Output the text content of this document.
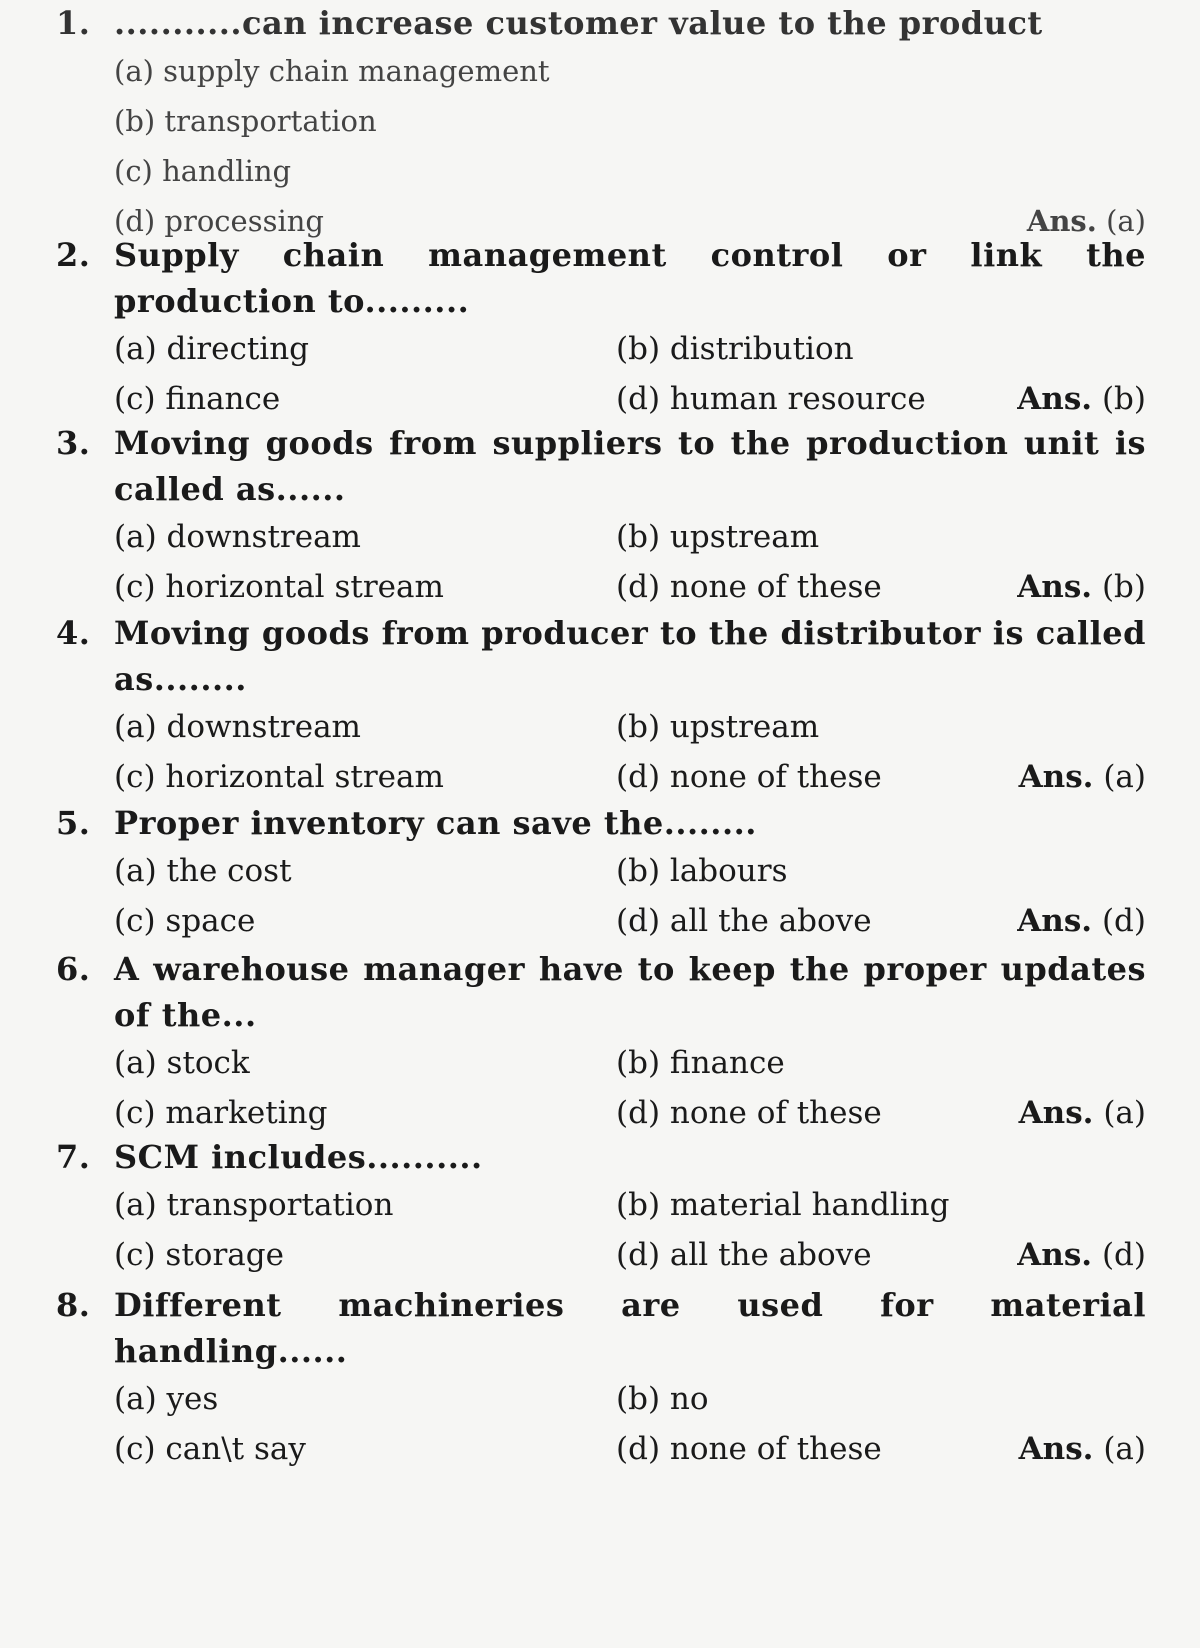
1. ...........can increase customer value to the product
(a) supply chain management
(b) transportation
(c) handling
(d) processing	Ans. (a)
2. Supply chain management control or link the production to.........
(a) directing	(b) distribution
(c) finance	(d) human resource	Ans. (b)
3. Moving goods from suppliers to the production unit is called as......
(a) downstream	(b) upstream
(c) horizontal stream	(d) none of these	Ans. (b)
4. Moving goods from producer to the distributor is called as........
(a) downstream	(b) upstream
(c) horizontal stream	(d) none of these	Ans. (a)
5. Proper inventory can save the........
(a) the cost	(b) labours
(c) space	(d) all the above	Ans. (d)
6. A warehouse manager have to keep the proper updates of the...
(a) stock	(b) finance
(c) marketing	(d) none of these	Ans. (a)
7. SCM includes..........
(a) transportation	(b) material handling
(c) storage	(d) all the above	Ans. (d)
8. Different machineries are used for material handling......
(a) yes	(b) no
(c) can\t say	(d) none of these	Ans. (a)
